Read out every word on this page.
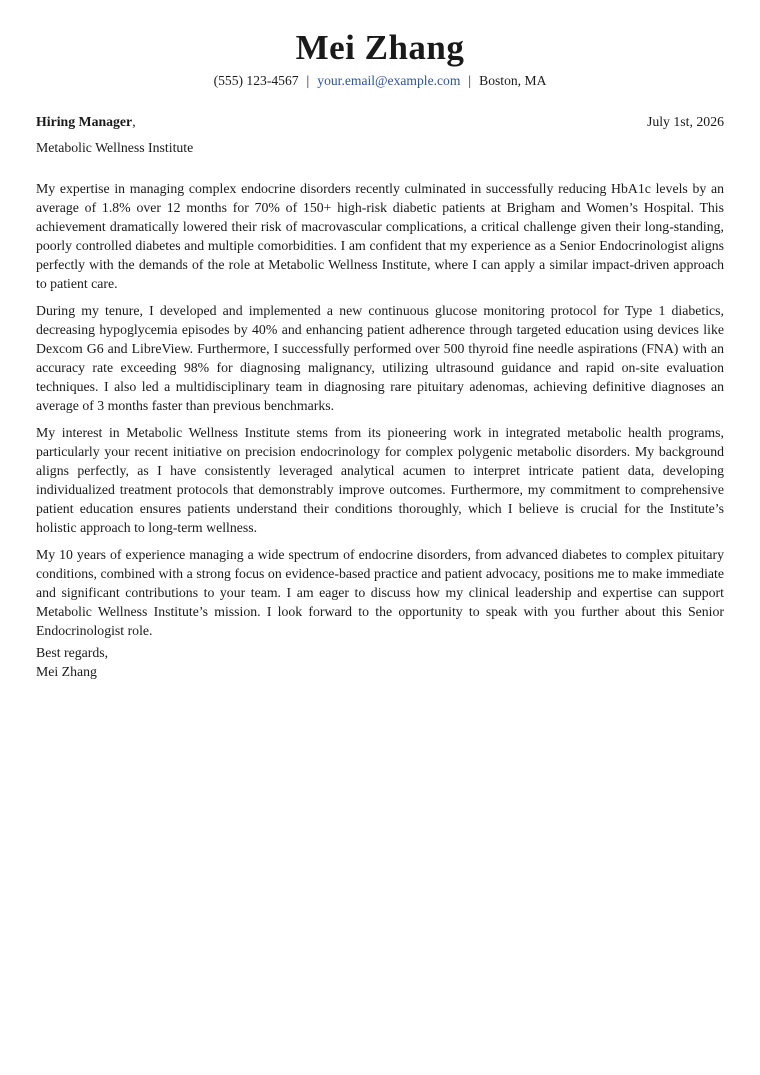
Mei Zhang
(555) 123-4567 | your.email@example.com | Boston, MA
Hiring Manager,	July 1st, 2026
Metabolic Wellness Institute

My expertise in managing complex endocrine disorders recently culminated in successfully reducing HbA1c levels by an average of 1.8% over 12 months for 70% of 150+ high-risk diabetic patients at Brigham and Women’s Hospital. This achievement dramatically lowered their risk of macrovascular complications, a critical challenge given their long-standing, poorly controlled diabetes and multiple comorbidities. I am confident that my experience as a Senior Endocrinologist aligns perfectly with the demands of the role at Metabolic Wellness Institute, where I can apply a similar impact-driven approach to patient care.

During my tenure, I developed and implemented a new continuous glucose monitoring protocol for Type 1 diabetics, decreasing hypoglycemia episodes by 40% and enhancing patient adherence through targeted education using devices like Dexcom G6 and LibreView. Furthermore, I successfully performed over 500 thyroid fine needle aspirations (FNA) with an accuracy rate exceeding 98% for diagnosing malignancy, utilizing ultrasound guidance and rapid on-site evaluation techniques. I also led a multidisciplinary team in diagnosing rare pituitary adenomas, achieving definitive diagnoses an average of 3 months faster than previous benchmarks.

My interest in Metabolic Wellness Institute stems from its pioneering work in integrated metabolic health programs, particularly your recent initiative on precision endocrinology for complex polygenic metabolic disorders. My background aligns perfectly, as I have consistently leveraged analytical acumen to interpret intricate patient data, developing individualized treatment protocols that demonstrably improve outcomes. Furthermore, my commitment to comprehensive patient education ensures patients understand their conditions thoroughly, which I believe is crucial for the Institute’s holistic approach to long-term wellness.

My 10 years of experience managing a wide spectrum of endocrine disorders, from advanced diabetes to complex pituitary conditions, combined with a strong focus on evidence-based practice and patient advocacy, positions me to make immediate and significant contributions to your team. I am eager to discuss how my clinical leadership and expertise can support Metabolic Wellness Institute’s mission. I look forward to the opportunity to speak with you further about this Senior Endocrinologist role.

Best regards,
Mei Zhang
